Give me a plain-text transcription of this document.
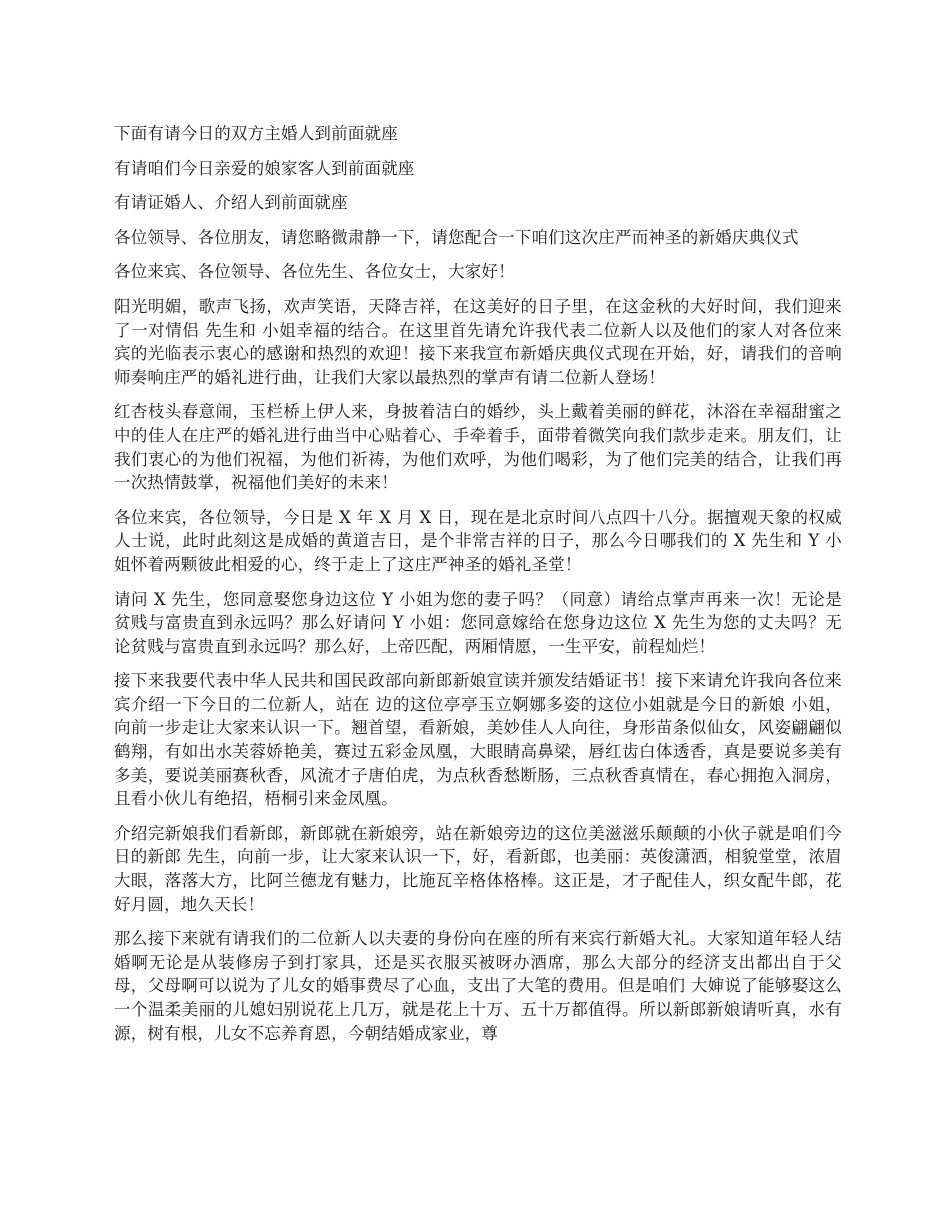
下面有请今日的双方主婚人到前面就座

有请咱们今日亲爱的娘家客人到前面就座

有请证婚人、介绍人到前面就座

各位领导、各位朋友，请您略微肃静一下，请您配合一下咱们这次庄严而神圣的新婚庆典仪式

各位来宾、各位领导、各位先生、各位女士，大家好！

阳光明媚，歌声飞扬，欢声笑语，天降吉祥，在这美好的日子里，在这金秋的大好时间，我们迎来了一对情侣 先生和 小姐幸福的结合。在这里首先请允许我代表二位新人以及他们的家人对各位来宾的光临表示衷心的感谢和热烈的欢迎！接下来我宣布新婚庆典仪式现在开始，好，请我们的音响师奏响庄严的婚礼进行曲，让我们大家以最热烈的掌声有请二位新人登场！

红杏枝头春意闹，玉栏桥上伊人来，身披着洁白的婚纱，头上戴着美丽的鲜花，沐浴在幸福甜蜜之中的佳人在庄严的婚礼进行曲当中心贴着心、手牵着手，面带着微笑向我们款步走来。朋友们，让我们衷心的为他们祝福，为他们祈祷，为他们欢呼，为他们喝彩，为了他们完美的结合，让我们再一次热情鼓掌，祝福他们美好的未来！

各位来宾，各位领导，今日是 X 年 X 月 X 日，现在是北京时间八点四十八分。据擅观天象的权威人士说，此时此刻这是成婚的黄道吉日，是个非常吉祥的日子，那么今日哪我们的 X 先生和 Y 小姐怀着两颗彼此相爱的心，终于走上了这庄严神圣的婚礼圣堂！

请问 X 先生，您同意娶您身边这位 Y 小姐为您的妻子吗？（同意）请给点掌声再来一次！无论是贫贱与富贵直到永远吗？那么好请问 Y 小姐：您同意嫁给在您身边这位 X 先生为您的丈夫吗？无论贫贱与富贵直到永远吗？那么好，上帝匹配，两厢情愿，一生平安，前程灿烂！

接下来我要代表中华人民共和国民政部向新郎新娘宣读并颁发结婚证书！接下来请允许我向各位来宾介绍一下今日的二位新人，站在 边的这位亭亭玉立婀娜多姿的这位小姐就是今日的新娘 小姐，向前一步走让大家来认识一下。翘首望，看新娘，美妙佳人人向往，身形苗条似仙女，风姿翩翩似鹤翔，有如出水芙蓉娇艳美，赛过五彩金凤凰，大眼睛高鼻梁，唇红齿白体透香，真是要说多美有多美，要说美丽赛秋香，风流才子唐伯虎，为点秋香愁断肠，三点秋香真情在，春心拥抱入洞房，且看小伙儿有绝招，梧桐引来金凤凰。

介绍完新娘我们看新郎，新郎就在新娘旁，站在新娘旁边的这位美滋滋乐颠颠的小伙子就是咱们今日的新郎 先生，向前一步，让大家来认识一下，好，看新郎，也美丽：英俊潇洒，相貌堂堂，浓眉大眼，落落大方，比阿兰德龙有魅力，比施瓦辛格体格棒。这正是，才子配佳人，织女配牛郎，花好月圆，地久天长！

那么接下来就有请我们的二位新人以夫妻的身份向在座的所有来宾行新婚大礼。大家知道年轻人结婚啊无论是从装修房子到打家具，还是买衣服买被呀办酒席，那么大部分的经济支出都出自于父母，父母啊可以说为了儿女的婚事费尽了心血，支出了大笔的费用。但是咱们 大婶说了能够娶这么一个温柔美丽的儿媳妇别说花上几万，就是花上十万、五十万都值得。所以新郎新娘请听真，水有源，树有根，儿女不忘养育恩，今朝结婚成家业，尊
